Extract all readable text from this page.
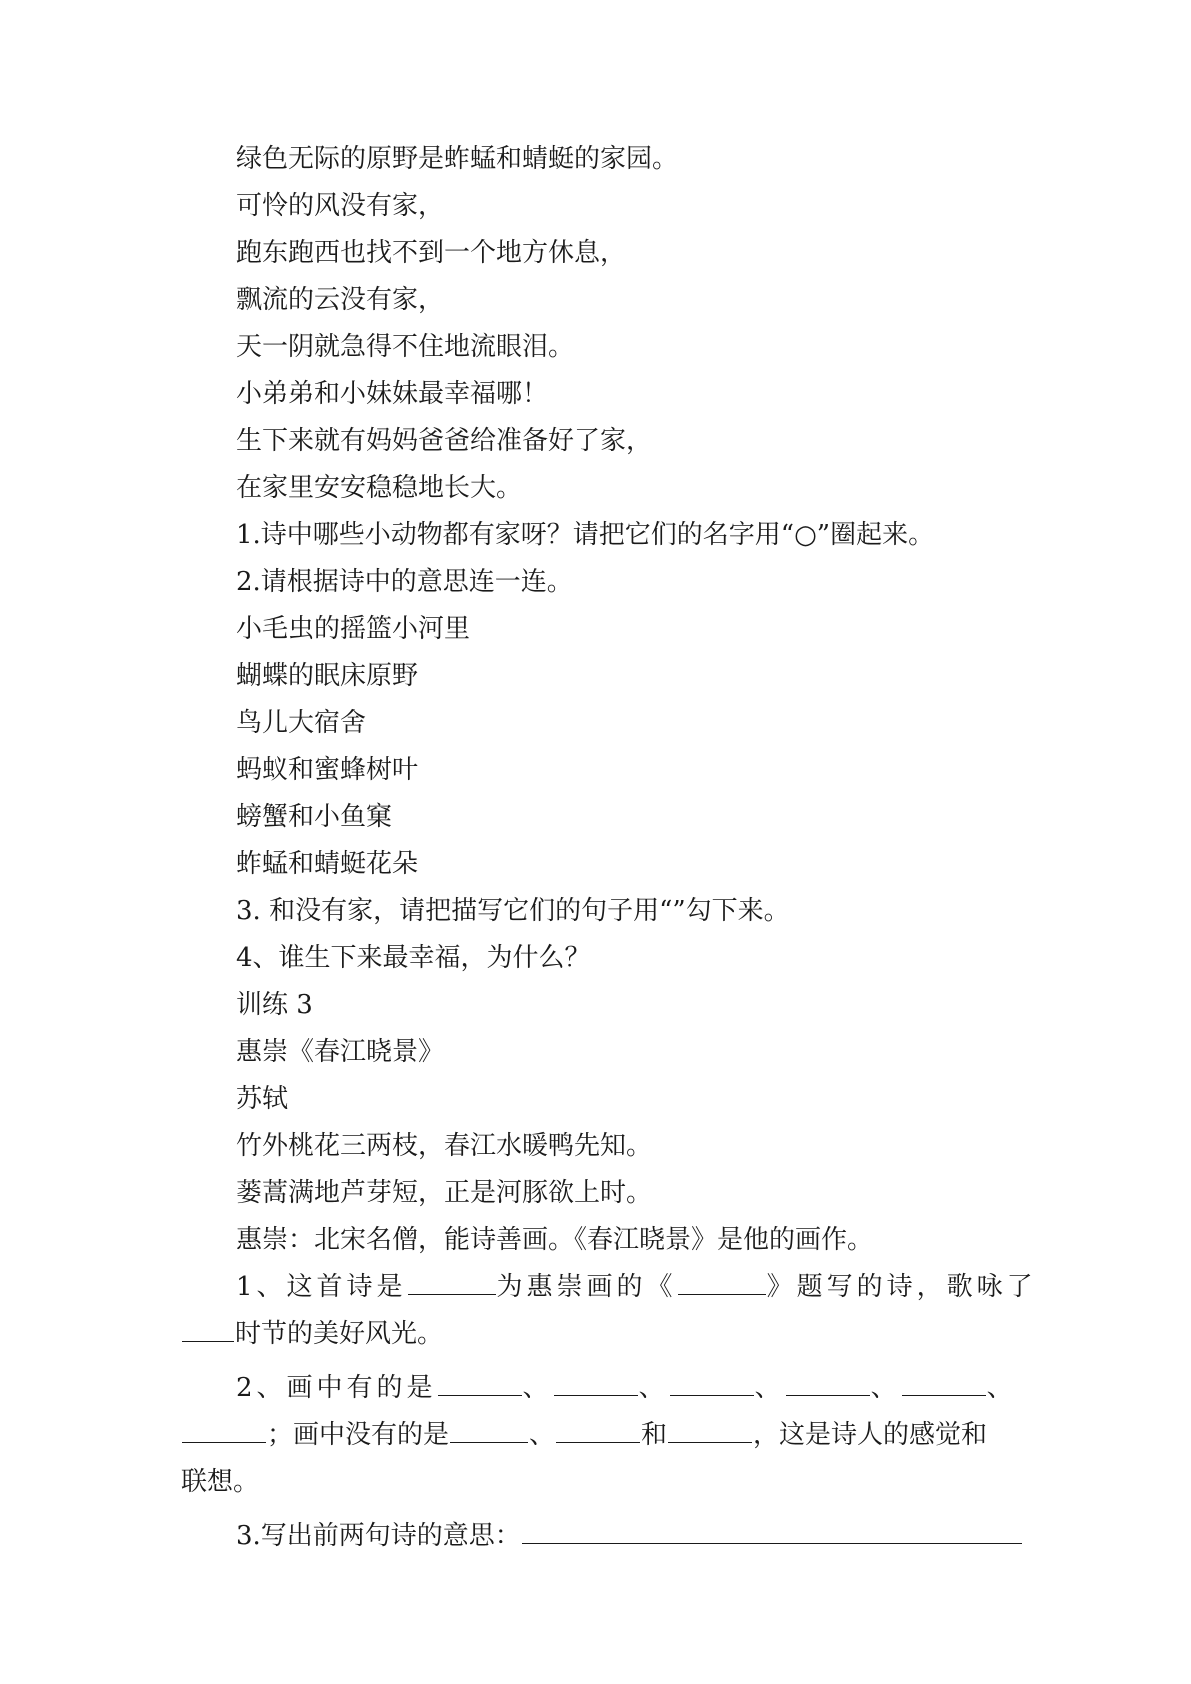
绿色无际的原野是蚱蜢和蜻蜓的家园。
可怜的风没有家，
跑东跑西也找不到一个地方休息，
飘流的云没有家，
天一阴就急得不住地流眼泪。
小弟弟和小妹妹最幸福哪！
生下来就有妈妈爸爸给准备好了家，
在家里安安稳稳地长大。
1.诗中哪些小动物都有家呀？请把它们的名字用“○”圈起来。
2.请根据诗中的意思连一连。
小毛虫的摇篮小河里
蝴蝶的眠床原野
鸟儿大宿舍
蚂蚁和蜜蜂树叶
螃蟹和小鱼窠
蚱蜢和蜻蜓花朵
3. 和没有家，请把描写它们的句子用“”勾下来。
4、谁生下来最幸福，为什么？
训练 3
惠崇《春江晓景》
苏轼
竹外桃花三两枝，春江水暖鸭先知。
蒌蒿满地芦芽短，正是河豚欲上时。
惠崇：北宋名僧，能诗善画。《春江晓景》是他的画作。
1、这首诗是	为惠崇画的《	》题写的诗，歌咏了
时节的美好风光。
2、画中有的是	、	、	、	、	、
；画中没有的是	、	和	，这是诗人的感觉和
联想。
3.写出前两句诗的意思：
